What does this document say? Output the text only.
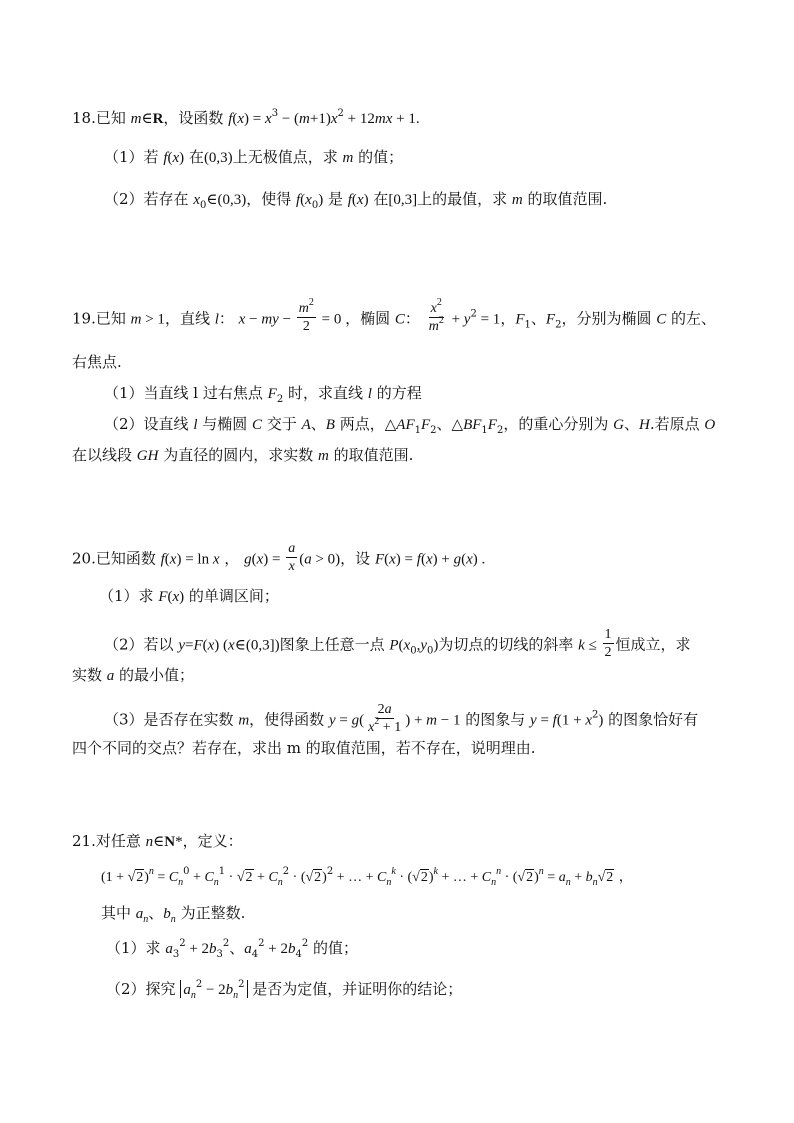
18.已知 m∈R，设函数 $f(x) = x^3 - (m+1)x^2 + 12mx + 1$.
（1）若 f(x) 在(0,3)上无极值点，求 m 的值；
（2）若存在 $x_0\in(0,3)$，使得 $f(x_0)$ 是 f(x) 在[0,3]上的最值，求 m 的取值范围.
19.已知 m > 1，直线 l： x − my − $\frac{m^2}{2} = 0$ ，椭圆 C： $\frac{x^2}{m^2} + y^2 = 1$，$F_1$、$F_2$，分别为椭圆 C 的左、
右焦点.
（1）当直线 l 过右焦点 $F_2$ 时，求直线 l 的方程
（2）设直线 l 与椭圆 C 交于 A、B 两点，$\triangle AF_1F_2$、$\triangle BF_1F_2$，的重心分别为 G、H.若原点 O
在以线段 GH 为直径的圆内，求实数 m 的取值范围.
20.已知函数 f(x) = ln x ， $g(x) = \frac{a}{x} (a > 0)$，设 F(x) = f(x) + g(x) .
（1）求 F(x) 的单调区间；
（2）若以 y=F(x) (x∈(0,3])图象上任意一点 $P(x_0,y_0)$为切点的切线的斜率 $k \le \frac{1}{2}$ 恒成立，求
实数 a 的最小值；
（3）是否存在实数 m，使得函数 $y = g( \frac{2a}{x^2 + 1}$ ) + m − 1 的图象与 $y = f(1 + x^2)$ 的图象恰好有
四个不同的交点？若存在，求出 m 的取值范围，若不存在，说明理由.
21.对任意 n∈N*，定义：
$(1 + √2)^n = C_n^0 + C_n^1 \cdot √2 + C_n^2 \cdot (√2)^2$ + … + $C_n^k \cdot (√2)^k$ + … + $C_n^n \cdot (√2)^n = a_n + b_n√2$ ，
其中 $a_n$、$b_n$ 为正整数.
（1）求 $a_3^2 + 2b_3^2$、$a_4^2 + 2b_4^2$ 的值；
（2）探究 $a_n^2 - 2b_n^2$ 是否为定值，并证明你的结论；
